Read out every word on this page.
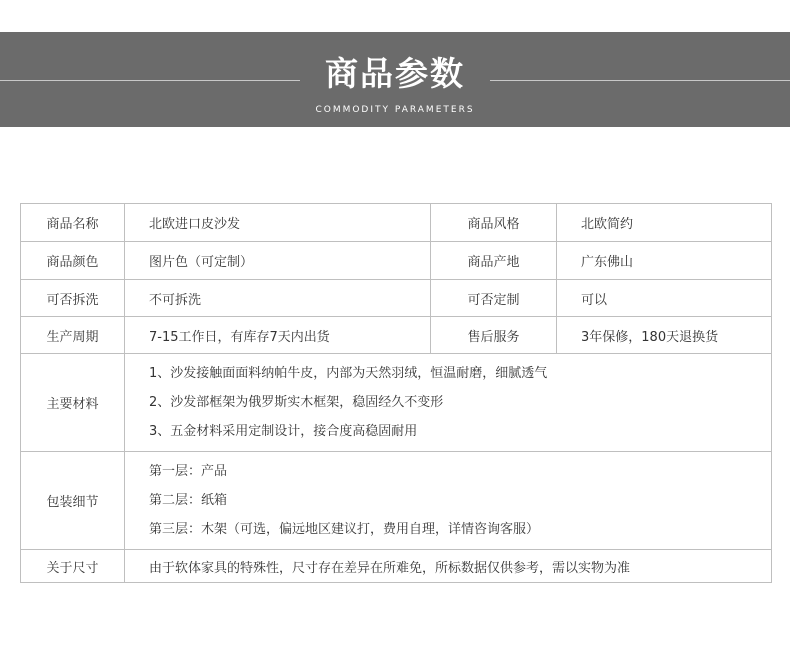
商品参数
COMMODITY PARAMETERS
商品名称	北欧进口皮沙发	商品风格	北欧简约
商品颜色	图片色（可定制）	商品产地	广东佛山
可否拆洗	不可拆洗	可否定制	可以
生产周期	7-15工作日，有库存7天内出货	售后服务	3年保修，180天退换货
主要材料	1、沙发接触面面料纳帕牛皮，内部为天然羽绒，恒温耐磨，细腻透气
2、沙发部框架为俄罗斯实木框架，稳固经久不变形
3、五金材料采用定制设计，接合度高稳固耐用		

包装细节	第一层：产品
第二层：纸箱
第三层：木架（可选，偏远地区建议打，费用自理，详情咨询客服）		

关于尺寸	由于软体家具的特殊性，尺寸存在差异在所难免，所标数据仅供参考，需以实物为准		
